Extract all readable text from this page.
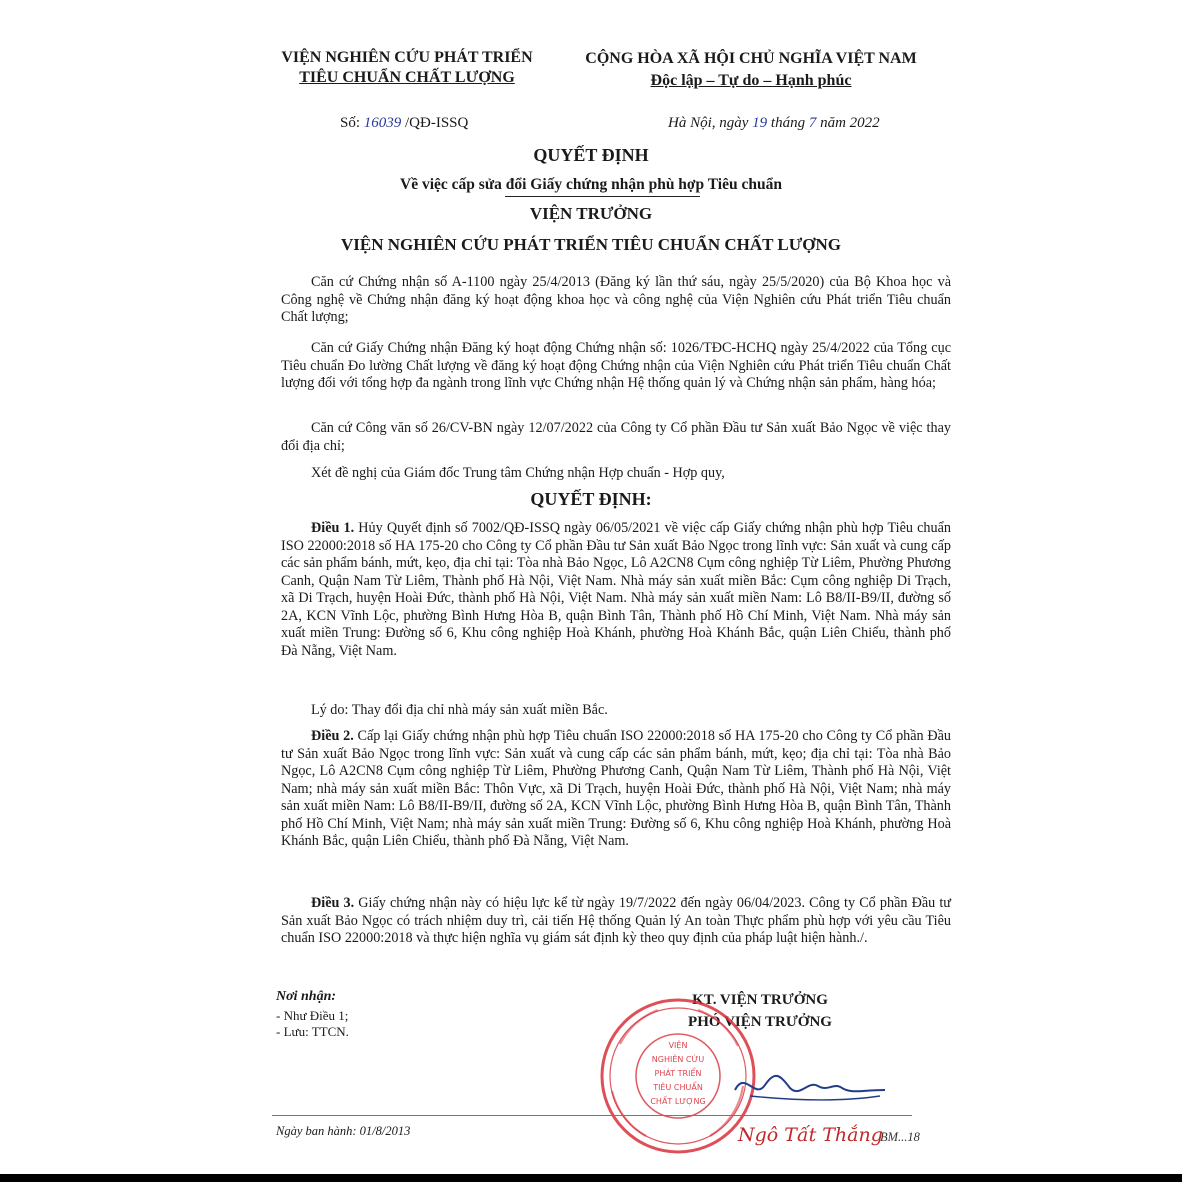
VIỆN NGHIÊN CỨU PHÁT TRIỂN
TIÊU CHUẨN CHẤT LƯỢNG
CỘNG HÒA XÃ HỘI CHỦ NGHĨA VIỆT NAM
Độc lập – Tự do – Hạnh phúc
Số: 16039 /QĐ-ISSQ	Hà Nội, ngày 19 tháng 7 năm 2022
QUYẾT ĐỊNH
Về việc cấp sửa đổi Giấy chứng nhận phù hợp Tiêu chuẩn
VIỆN TRƯỞNG
VIỆN NGHIÊN CỨU PHÁT TRIỂN TIÊU CHUẨN CHẤT LƯỢNG

Căn cứ Chứng nhận số A-1100 ngày 25/4/2013 (Đăng ký lần thứ sáu, ngày 25/5/2020) của Bộ Khoa học và Công nghệ về Chứng nhận đăng ký hoạt động khoa học và công nghệ của Viện Nghiên cứu Phát triển Tiêu chuẩn Chất lượng;

Căn cứ Giấy Chứng nhận Đăng ký hoạt động Chứng nhận số: 1026/TĐC-HCHQ ngày 25/4/2022 của Tổng cục Tiêu chuẩn Đo lường Chất lượng về đăng ký hoạt động Chứng nhận của Viện Nghiên cứu Phát triển Tiêu chuẩn Chất lượng đối với tổng hợp đa ngành trong lĩnh vực Chứng nhận Hệ thống quản lý và Chứng nhận sản phẩm, hàng hóa;

Căn cứ Công văn số 26/CV-BN ngày 12/07/2022 của Công ty Cổ phần Đầu tư Sản xuất Bảo Ngọc về việc thay đổi địa chỉ;

Xét đề nghị của Giám đốc Trung tâm Chứng nhận Hợp chuẩn - Hợp quy,

QUYẾT ĐỊNH:

Điều 1. Hủy Quyết định số 7002/QĐ-ISSQ ngày 06/05/2021 về việc cấp Giấy chứng nhận phù hợp Tiêu chuẩn ISO 22000:2018 số HA 175-20 cho Công ty Cổ phần Đầu tư Sản xuất Bảo Ngọc trong lĩnh vực: Sản xuất và cung cấp các sản phẩm bánh, mứt, kẹo, địa chỉ tại: Tòa nhà Bảo Ngọc, Lô A2CN8 Cụm công nghiệp Từ Liêm, Phường Phương Canh, Quận Nam Từ Liêm, Thành phố Hà Nội, Việt Nam. Nhà máy sản xuất miền Bắc: Cụm công nghiệp Di Trạch, xã Di Trạch, huyện Hoài Đức, thành phố Hà Nội, Việt Nam. Nhà máy sản xuất miền Nam: Lô B8/II-B9/II, đường số 2A, KCN Vĩnh Lộc, phường Bình Hưng Hòa B, quận Bình Tân, Thành phố Hồ Chí Minh, Việt Nam. Nhà máy sản xuất miền Trung: Đường số 6, Khu công nghiệp Hoà Khánh, phường Hoà Khánh Bắc, quận Liên Chiểu, thành phố Đà Nẵng, Việt Nam.

Lý do: Thay đổi địa chỉ nhà máy sản xuất miền Bắc.

Điều 2. Cấp lại Giấy chứng nhận phù hợp Tiêu chuẩn ISO 22000:2018 số HA 175-20 cho Công ty Cổ phần Đầu tư Sản xuất Bảo Ngọc trong lĩnh vực: Sản xuất và cung cấp các sản phẩm bánh, mứt, kẹo; địa chỉ tại: Tòa nhà Bảo Ngọc, Lô A2CN8 Cụm công nghiệp Từ Liêm, Phường Phương Canh, Quận Nam Từ Liêm, Thành phố Hà Nội, Việt Nam; nhà máy sản xuất miền Bắc: Thôn Vực, xã Di Trạch, huyện Hoài Đức, thành phố Hà Nội, Việt Nam; nhà máy sản xuất miền Nam: Lô B8/II-B9/II, đường số 2A, KCN Vĩnh Lộc, phường Bình Hưng Hòa B, quận Bình Tân, Thành phố Hồ Chí Minh, Việt Nam; nhà máy sản xuất miền Trung: Đường số 6, Khu công nghiệp Hoà Khánh, phường Hoà Khánh Bắc, quận Liên Chiểu, thành phố Đà Nẵng, Việt Nam.

Điều 3. Giấy chứng nhận này có hiệu lực kể từ ngày 19/7/2022 đến ngày 06/04/2023. Công ty Cổ phần Đầu tư Sản xuất Bảo Ngọc có trách nhiệm duy trì, cải tiến Hệ thống Quản lý An toàn Thực phẩm phù hợp với yêu cầu Tiêu chuẩn ISO 22000:2018 và thực hiện nghĩa vụ giám sát định kỳ theo quy định của pháp luật hiện hành./.

Nơi nhận:
- Như Điều 1;
- Lưu: TTCN.
KT. VIỆN TRƯỞNG
PHÓ VIỆN TRƯỞNG
VIỆN
NGHIÊN CỨU
PHÁT TRIỂN
TIÊU CHUẨN
CHẤT LƯỢNG
Ngô Tất Thắng
Ngày ban hành: 01/8/2013	BM...18
